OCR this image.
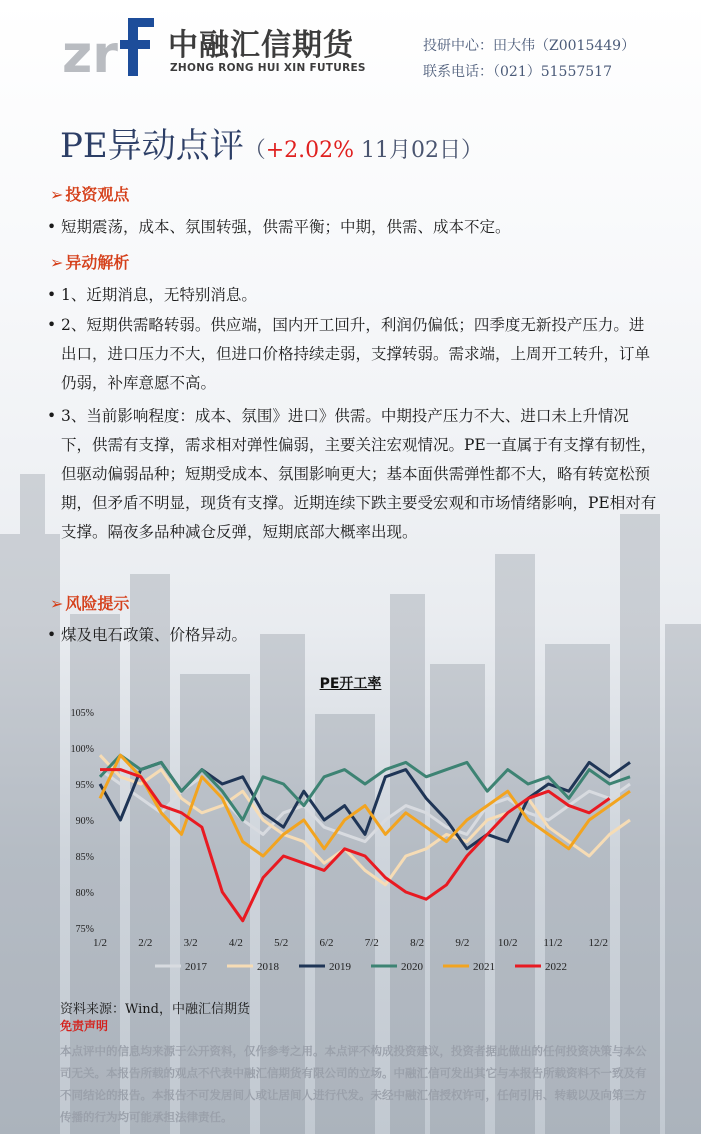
zr 中融汇信期货
ZHONG RONG HUI XIN FUTURES
投研中心：田大伟（Z0015449）
联系电话：（021）51557517
PE异动点评（+2.02% 11月02日）
➢ 投资观点
• 短期震荡，成本、氛围转强，供需平衡；中期，供需、成本不定。
➢ 异动解析
• 1、近期消息，无特别消息。
• 2、短期供需略转弱。供应端，国内开工回升，利润仍偏低；四季度无新投产压力。进出口，进口压力不大，但进口价格持续走弱，支撑转弱。需求端，上周开工转升，订单仍弱，补库意愿不高。
• 3、当前影响程度：成本、氛围》进口》供需。中期投产压力不大、进口未上升情况下，供需有支撑，需求相对弹性偏弱，主要关注宏观情况。PE一直属于有支撑有韧性，但驱动偏弱品种；短期受成本、氛围影响更大；基本面供需弹性都不大，略有转宽松预期，但矛盾不明显，现货有支撑。近期连续下跌主要受宏观和市场情绪影响，PE相对有支撑。隔夜多品种减仓反弹，短期底部大概率出现。
➢ 风险提示
• 煤及电石政策、价格异动。
PE开工率
105%
100%
95%
90%
85%
80%
75%
1/2	2/2	3/2	4/2	5/2	6/2	7/2	8/2	9/2	10/2 11/2 12/2
2017	2018	2019	2020	2021	2022
资料来源：Wind，中融汇信期货
免责声明
本点评中的信息均来源于公开资料，仅作参考之用。本点评不构成投资建议，投资者据此做出的任何投资决策与本公司无关。本报告所载的观点不代表中融汇信期货有限公司的立场。中融汇信可发出其它与本报告所载资料不一致及有不同结论的报告。本报告不可发居间人或让居间人进行代发。未经中融汇信授权许可，任何引用、转载以及向第三方传播的行为均可能承担法律责任。
